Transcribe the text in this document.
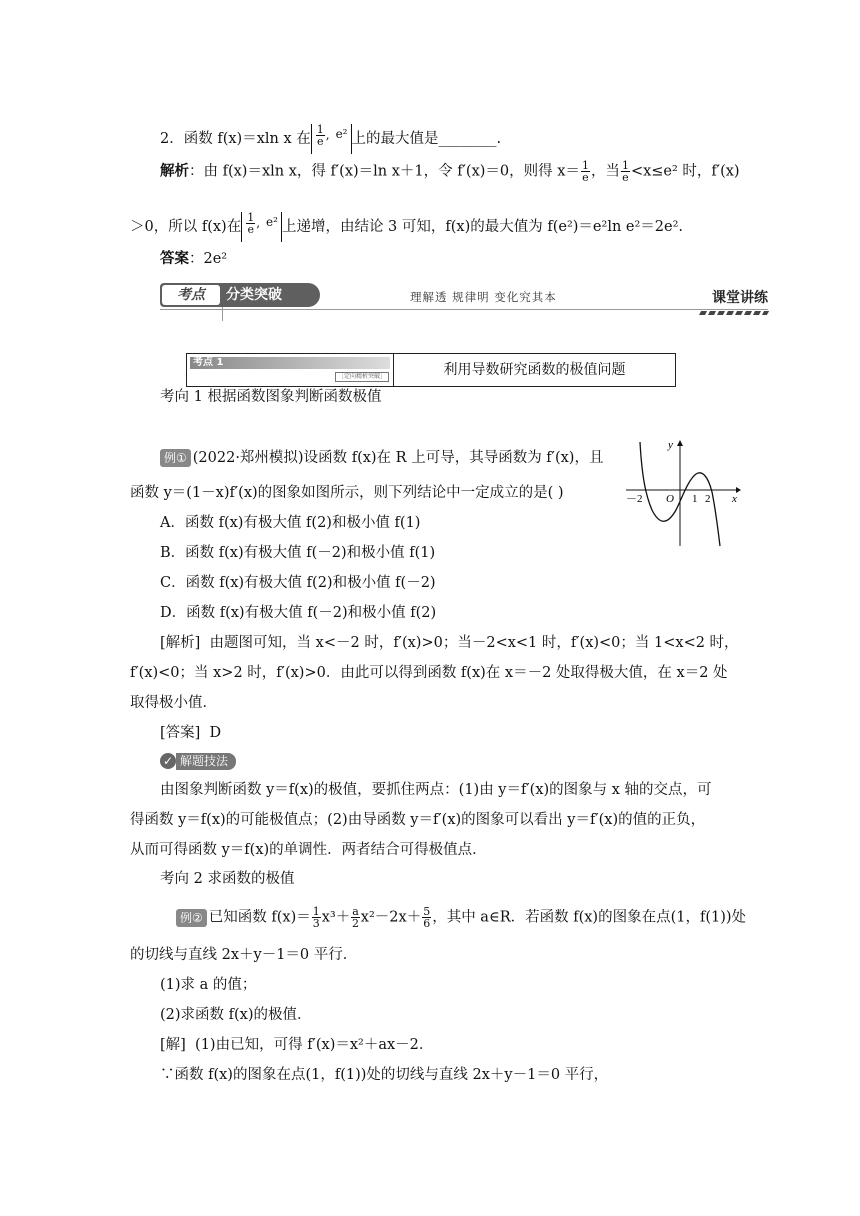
2．函数 f(x)＝xln x 在 $\frac{1}{e} ,e^2$ 上的最大值是________.
解析：由 f(x)＝xln x，得 f′(x)＝ln x＋1，令 f′(x)＝0，则得 $x= \frac{1}{e}$ ，当 $\frac{1}{e} <x\le e^2$ 时，f′(x)
＞0，所以 f(x)在 $\frac{1}{e} ,e^2$ 上递增，由结论 3 可知，f(x)的最大值为 f(e²)＝e²ln e²＝2e².
答案：2e²
考点	分类突破	理解透 规律明 变化究其本	课堂讲练
考点 1
［定向精析突破］	利用导数研究函数的极值问题
考向 1 根据函数图象判断函数极值
例① (2022·郑州模拟)设函数 f(x)在 R 上可导，其导函数为 f′(x)，且
函数 y＝(1－x)f′(x)的图象如图所示，则下列结论中一定成立的是( )
A．函数 f(x)有极大值 f(2)和极小值 f(1)
B．函数 f(x)有极大值 f(－2)和极小值 f(1)
C．函数 f(x)有极大值 f(2)和极小值 f(－2)
D．函数 f(x)有极大值 f(－2)和极小值 f(2)
y
x
O
－2	1 2
[解析] 由题图可知，当 x<－2 时，f′(x)>0；当－2<x<1 时，f′(x)<0；当 1<x<2 时，
f′(x)<0；当 x>2 时，f′(x)>0．由此可以得到函数 f(x)在 x＝－2 处取得极大值，在 x＝2 处
取得极小值．
[答案] D
✓ 解题技法
由图象判断函数 y＝f(x)的极值，要抓住两点：(1)由 y＝f′(x)的图象与 x 轴的交点，可
得函数 y＝f(x)的可能极值点；(2)由导函数 y＝f′(x)的图象可以看出 y＝f′(x)的值的正负，
从而可得函数 y＝f(x)的单调性．两者结合可得极值点．
考向 2 求函数的极值
例② 已知函数 $f(x)= \frac{1}{3} x^3+ \frac{a}{2} x^2-2x+ \frac{5}{6}$ ，其中 a∈R．若函数 f(x)的图象在点(1，f(1))处
的切线与直线 2x＋y－1＝0 平行．
(1)求 a 的值；
(2)求函数 f(x)的极值．
[解] (1)由已知，可得 f′(x)＝x²＋ax－2．
∵函数 f(x)的图象在点(1，f(1))处的切线与直线 2x＋y－1＝0 平行，
